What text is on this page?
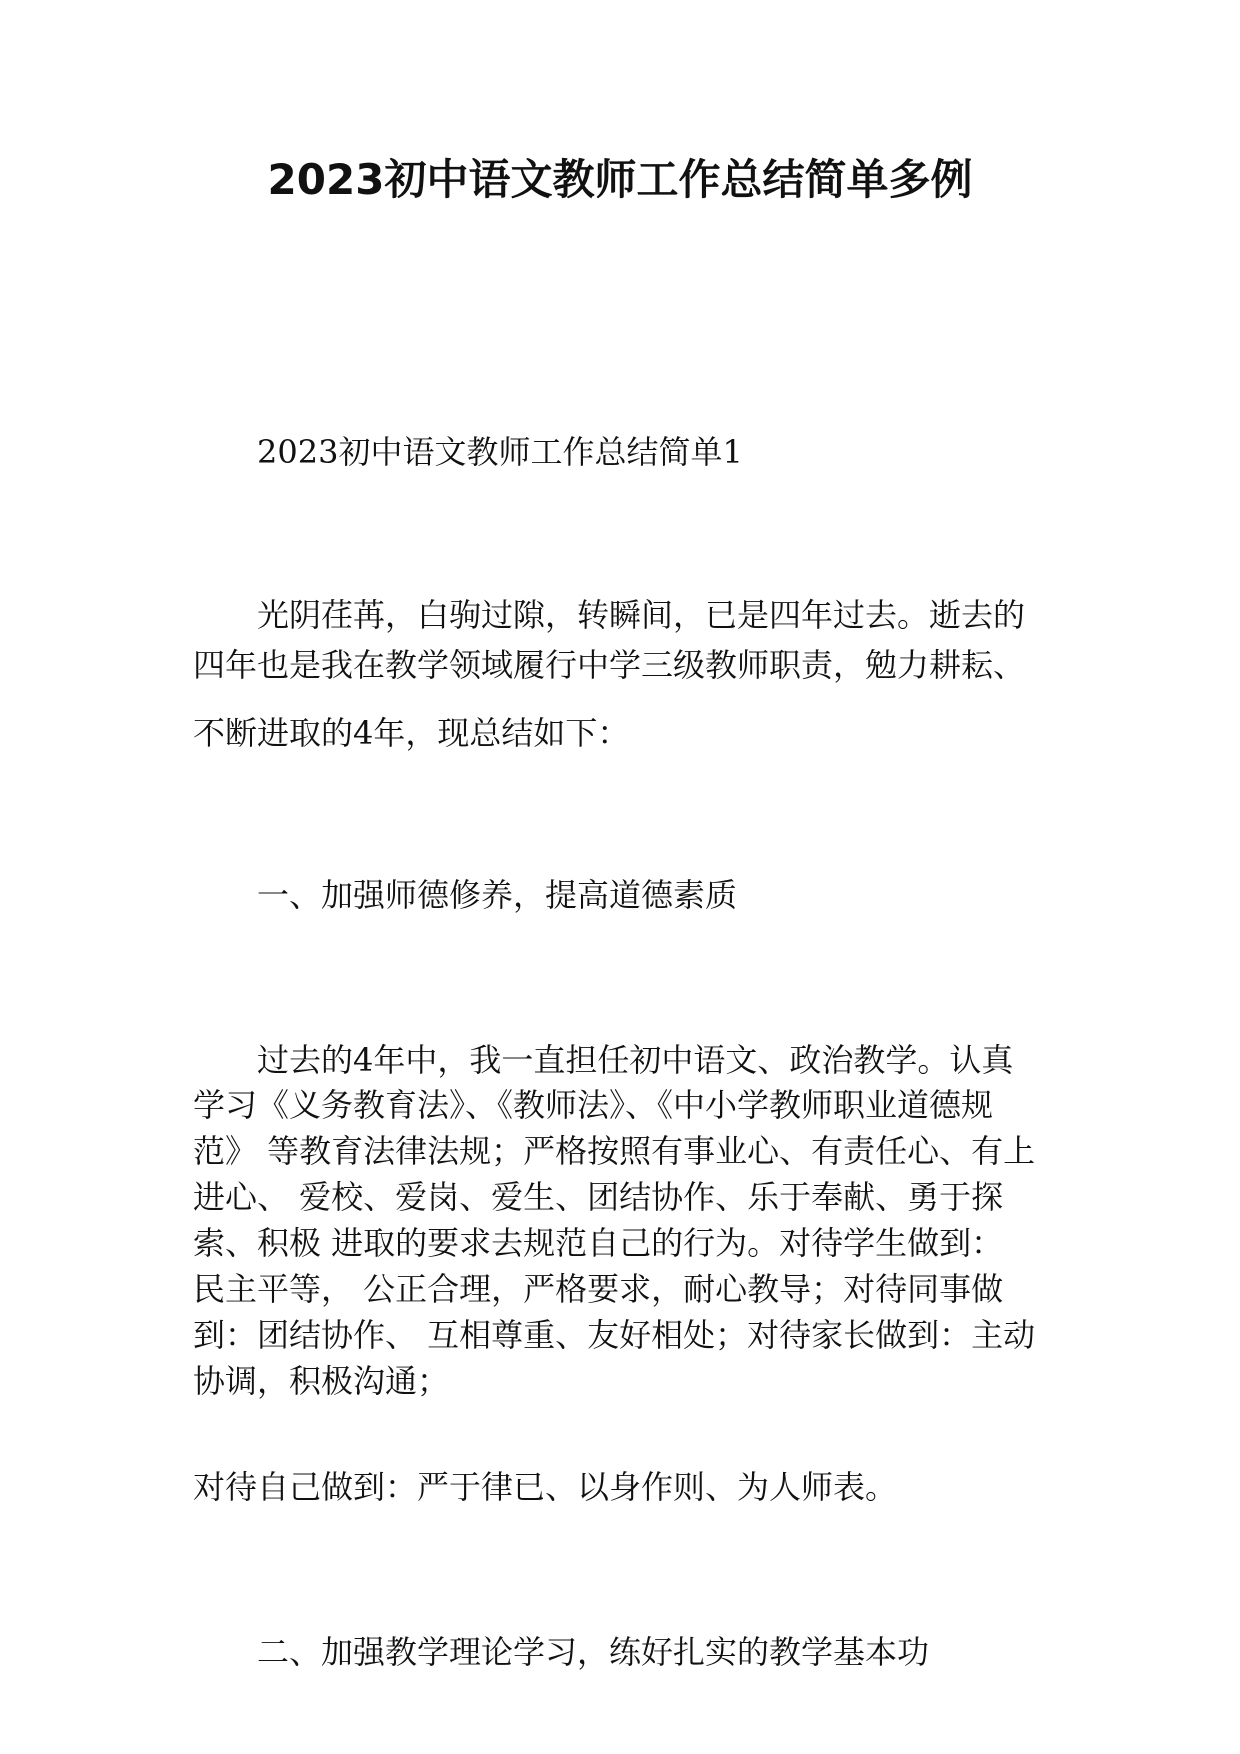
2023初中语文教师工作总结简单多例

2023初中语文教师工作总结简单1

光阴荏苒，白驹过隙，转瞬间，已是四年过去。逝去的
四年也是我在教学领域履行中学三级教师职责，勉力耕耘、
不断进取的4年，现总结如下：

一、加强师德修养，提高道德素质

过去的4年中，我一直担任初中语文、政治教学。认真
学习《义务教育法》、《教师法》、《中小学教师职业道德规
范》 等教育法律法规；严格按照有事业心、有责任心、有上
进心、 爱校、爱岗、爱生、团结协作、乐于奉献、勇于探
索、积极 进取的要求去规范自己的行为。对待学生做到：
民主平等， 公正合理，严格要求，耐心教导；对待同事做
到：团结协作、 互相尊重、友好相处；对待家长做到：主动
协调，积极沟通；

对待自己做到：严于律已、以身作则、为人师表。

二、加强教学理论学习，练好扎实的教学基本功
